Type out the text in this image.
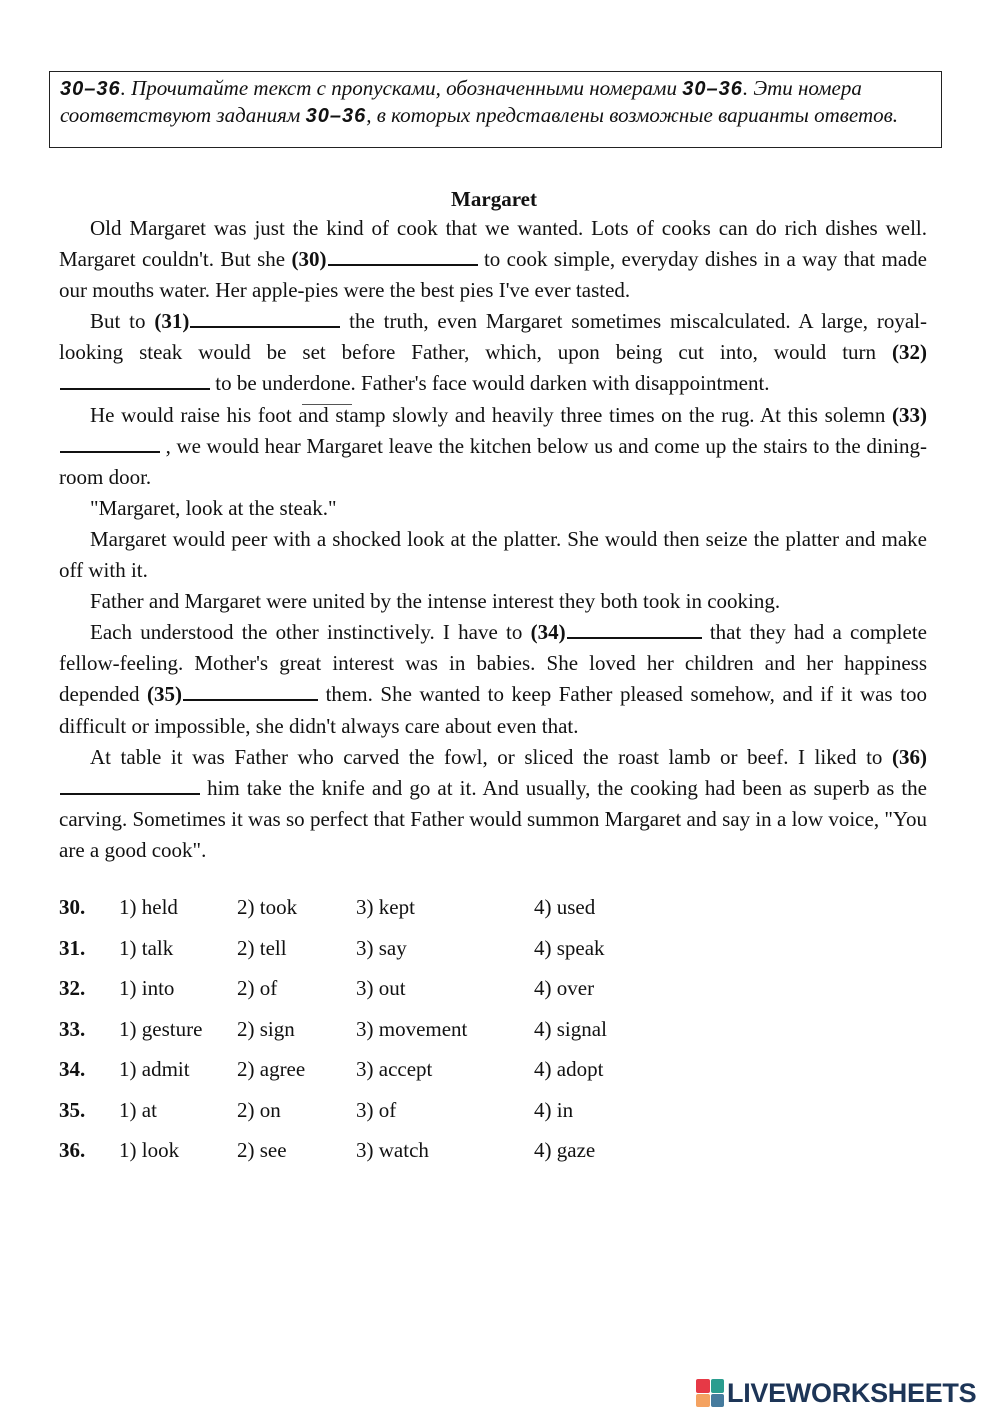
30–36. Прочитайте текст с пропусками, обозначенными номерами 30–36. Эти номера соответствуют заданиям 30–36, в которых представлены возможные варианты ответов.
Margaret

Old Margaret was just the kind of cook that we wanted. Lots of cooks can do rich dishes well. Margaret couldn't. But she (30)	to cook simple, everyday dishes in a way that made our mouths water. Her apple-pies were the best pies I've ever tasted.

But to (31)	the truth, even Margaret sometimes miscalculated. A large, royal-looking steak would be set before Father, which, upon being cut into, would turn (32) to be underdone. Father's face would darken with disappointment.

He would raise his foot and stamp slowly and heavily three times on the rug. At this solemn (33)  , we would hear Margaret leave the kitchen below us and come up the stairs to the dining-room door.

"Margaret, look at the steak."

Margaret would peer with a shocked look at the platter. She would then seize the platter and make off with it.

Father and Margaret were united by the intense interest they both took in cooking.

Each understood the other instinctively. I have to (34)	that they had a complete fellow-feeling. Mother's great interest was in babies. She loved her children and her happiness depended (35)	them. She wanted to keep Father pleased somehow, and if it was too difficult or impossible, she didn't always care about even that.

At table it was Father who carved the fowl, or sliced the roast lamb or beef. I liked to (36) him take the knife and go at it. And usually, the cooking had been as superb as the carving. Sometimes it was so perfect that Father would summon Margaret and say in a low voice, "You are a good cook".

30. 1) held	2) took	3) kept	4) used
31. 1) talk	2) tell	3) say	4) speak
32. 1) into	2) of	3) out	4) over
33. 1) gesture 2) sign	3) movement	4) signal
34. 1) admit 2) agree 3) accept	4) adopt
35. 1) at	2) on	3) of	4) in
36. 1) look	2) see	3) watch	4) gaze
LIVEWORKSHEETS
